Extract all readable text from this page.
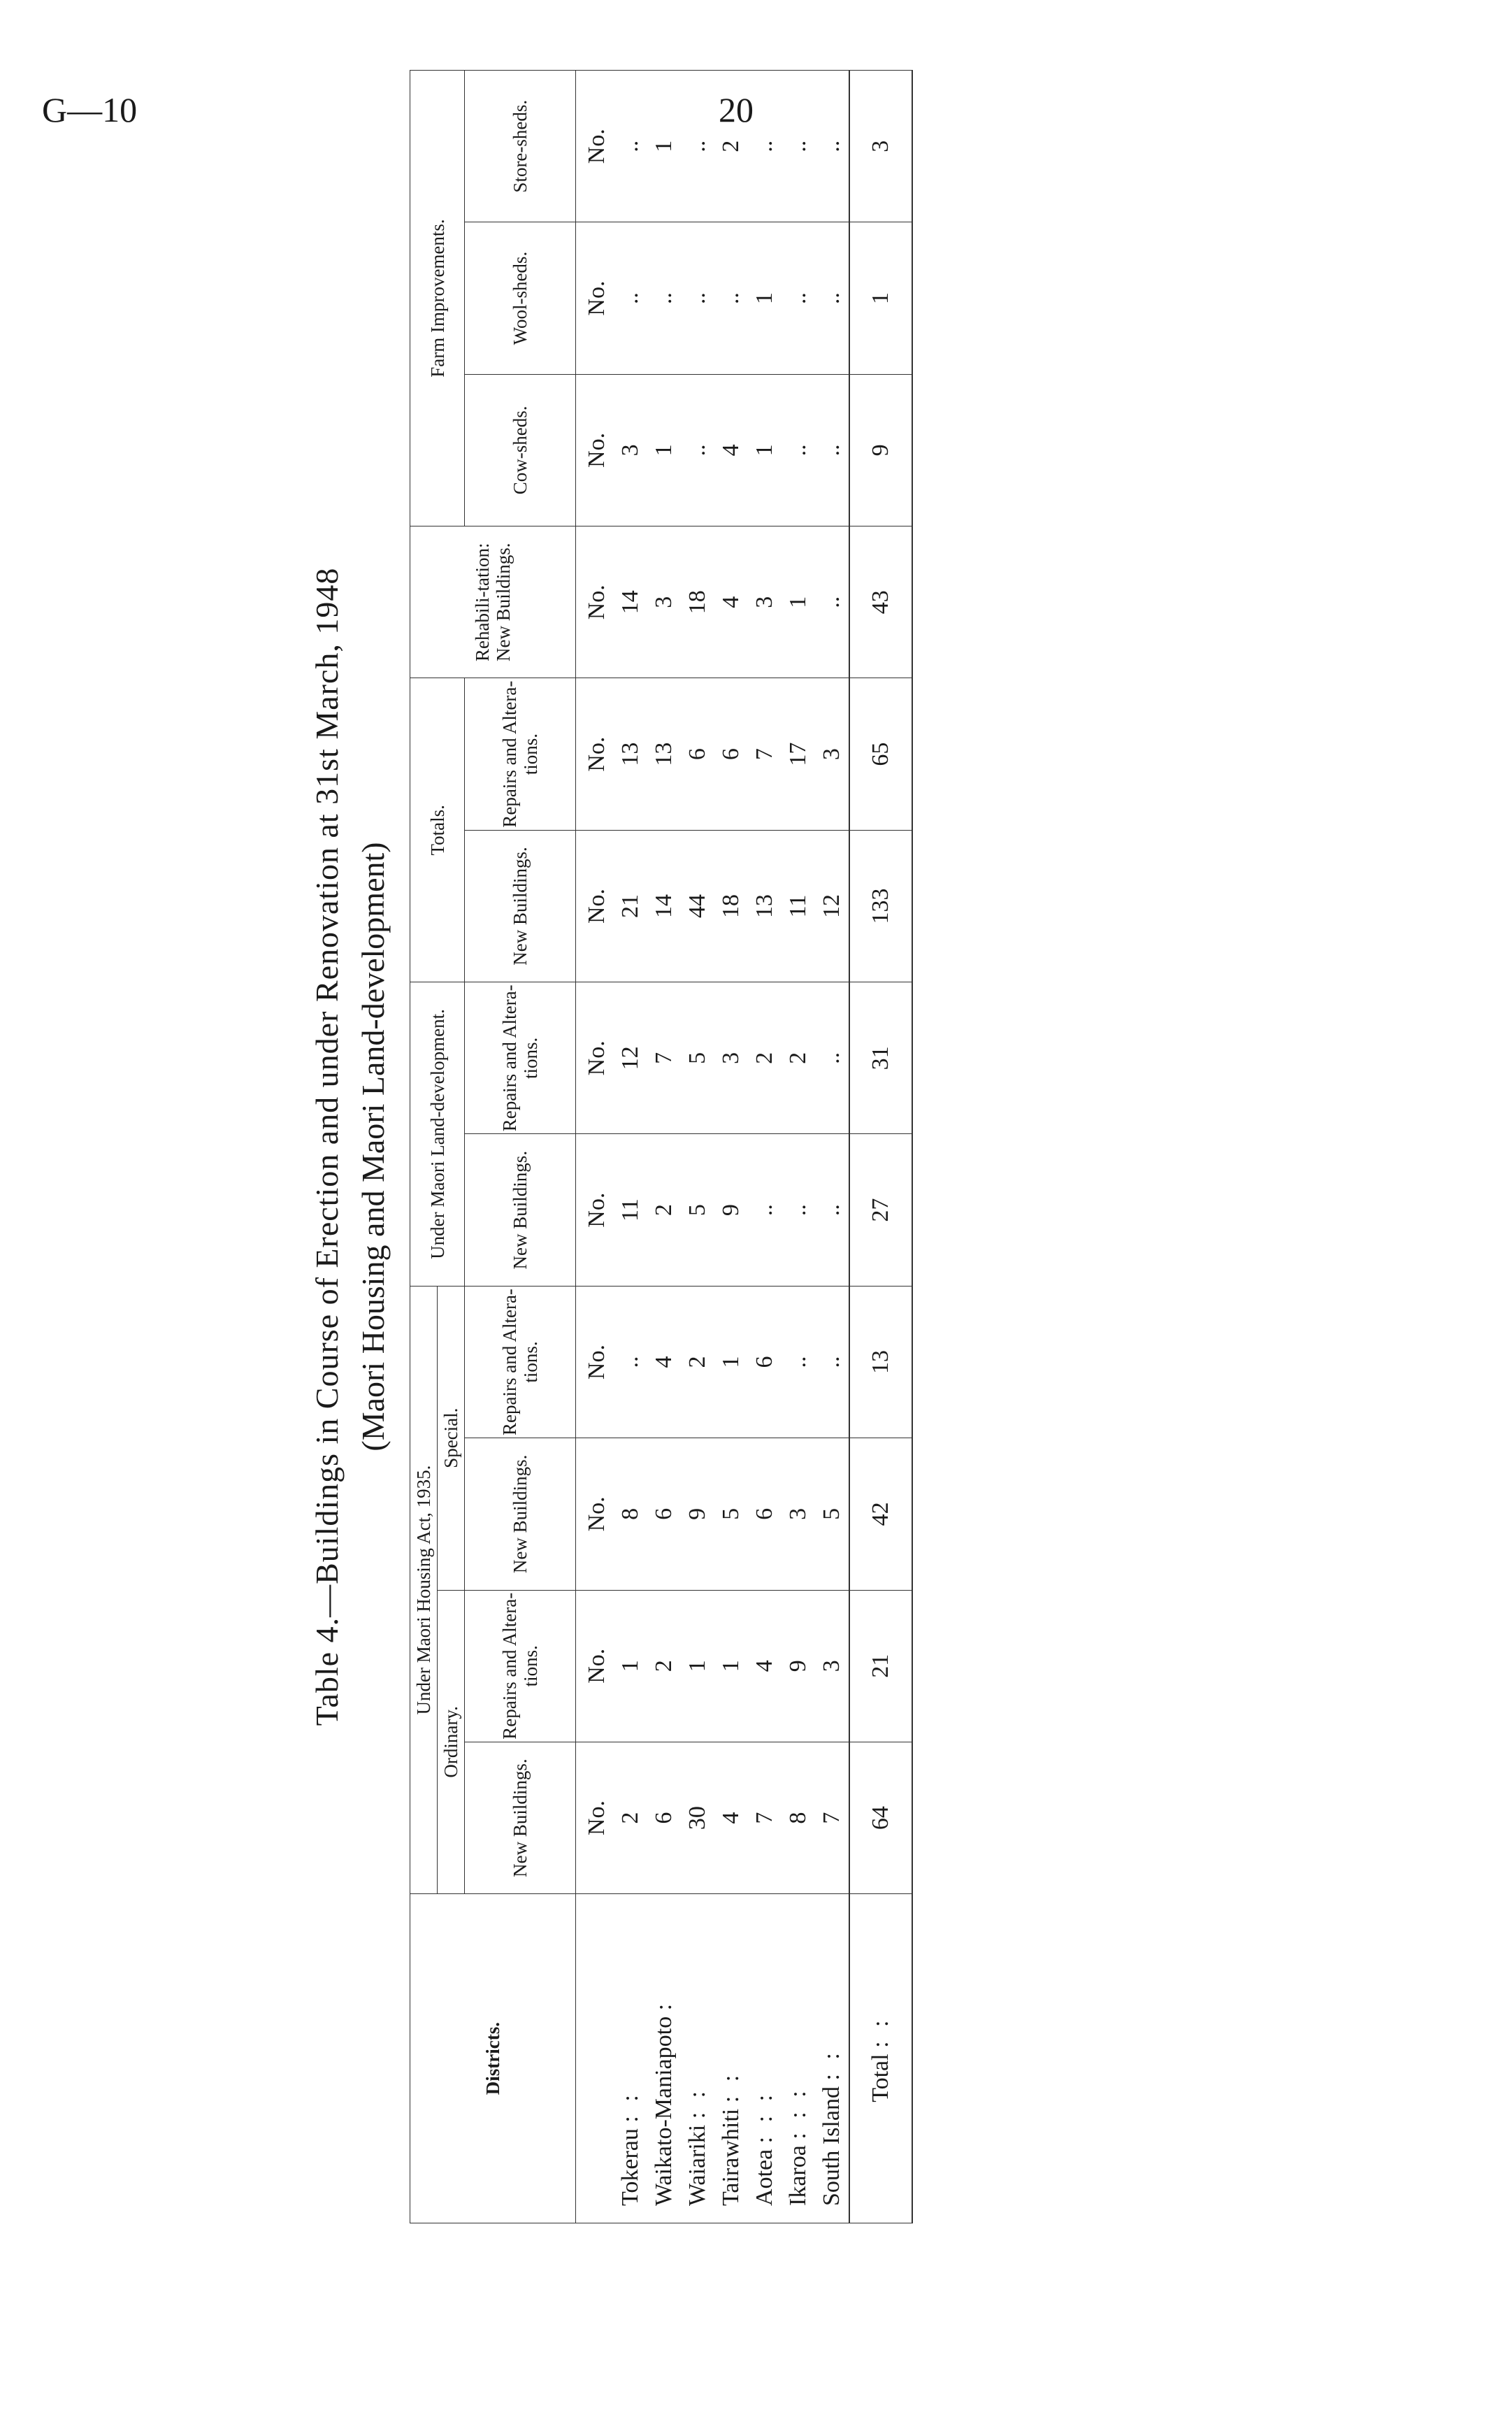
G—10	20
Table 4.—Buildings in Course of Erection and under Renovation at 31st March, 1948 (Maori Housing and Maori Land-development)
Districts.	Under Maori Housing Act, 1935.				Under Maori Land-development.		Totals.		Rehabili-tation: New Buildings.	Farm Improvements.		
	Ordinary.		Special.									
	New Buildings.	Repairs and Altera-tions.	New Buildings.	Repairs and Altera-tions.	New Buildings.	Repairs and Altera-tions.	New Buildings.	Repairs and Altera-tions.		Cow-sheds.	Wool-sheds.	Store-sheds.
	No.	No.	No.	No.	No.	No.	No.	No.	No.	No.	No.	No.
Tokerau : :	2	1	8	..	11	12	21	13	14	3	..	..
Waikato-Maniapoto :	6	2	6	4	2	7	14	13	3	1	..	1
Waiariki : :	30	1	9	2	5	5	44	6	18	..	..	..
Tairawhiti : :	4	1	5	1	9	3	18	6	4	4	..	2
Aotea : : :	7	4	6	6	..	2	13	7	3	1	1	..
Ikaroa : : :	8	9	3	..	..	2	11	17	1	..	..	..
South Island : :	7	3	5	..	..	..	12	3	..	..	..	..
Total : :	64	21	42	13	27	31	133	65	43	9	1	3
